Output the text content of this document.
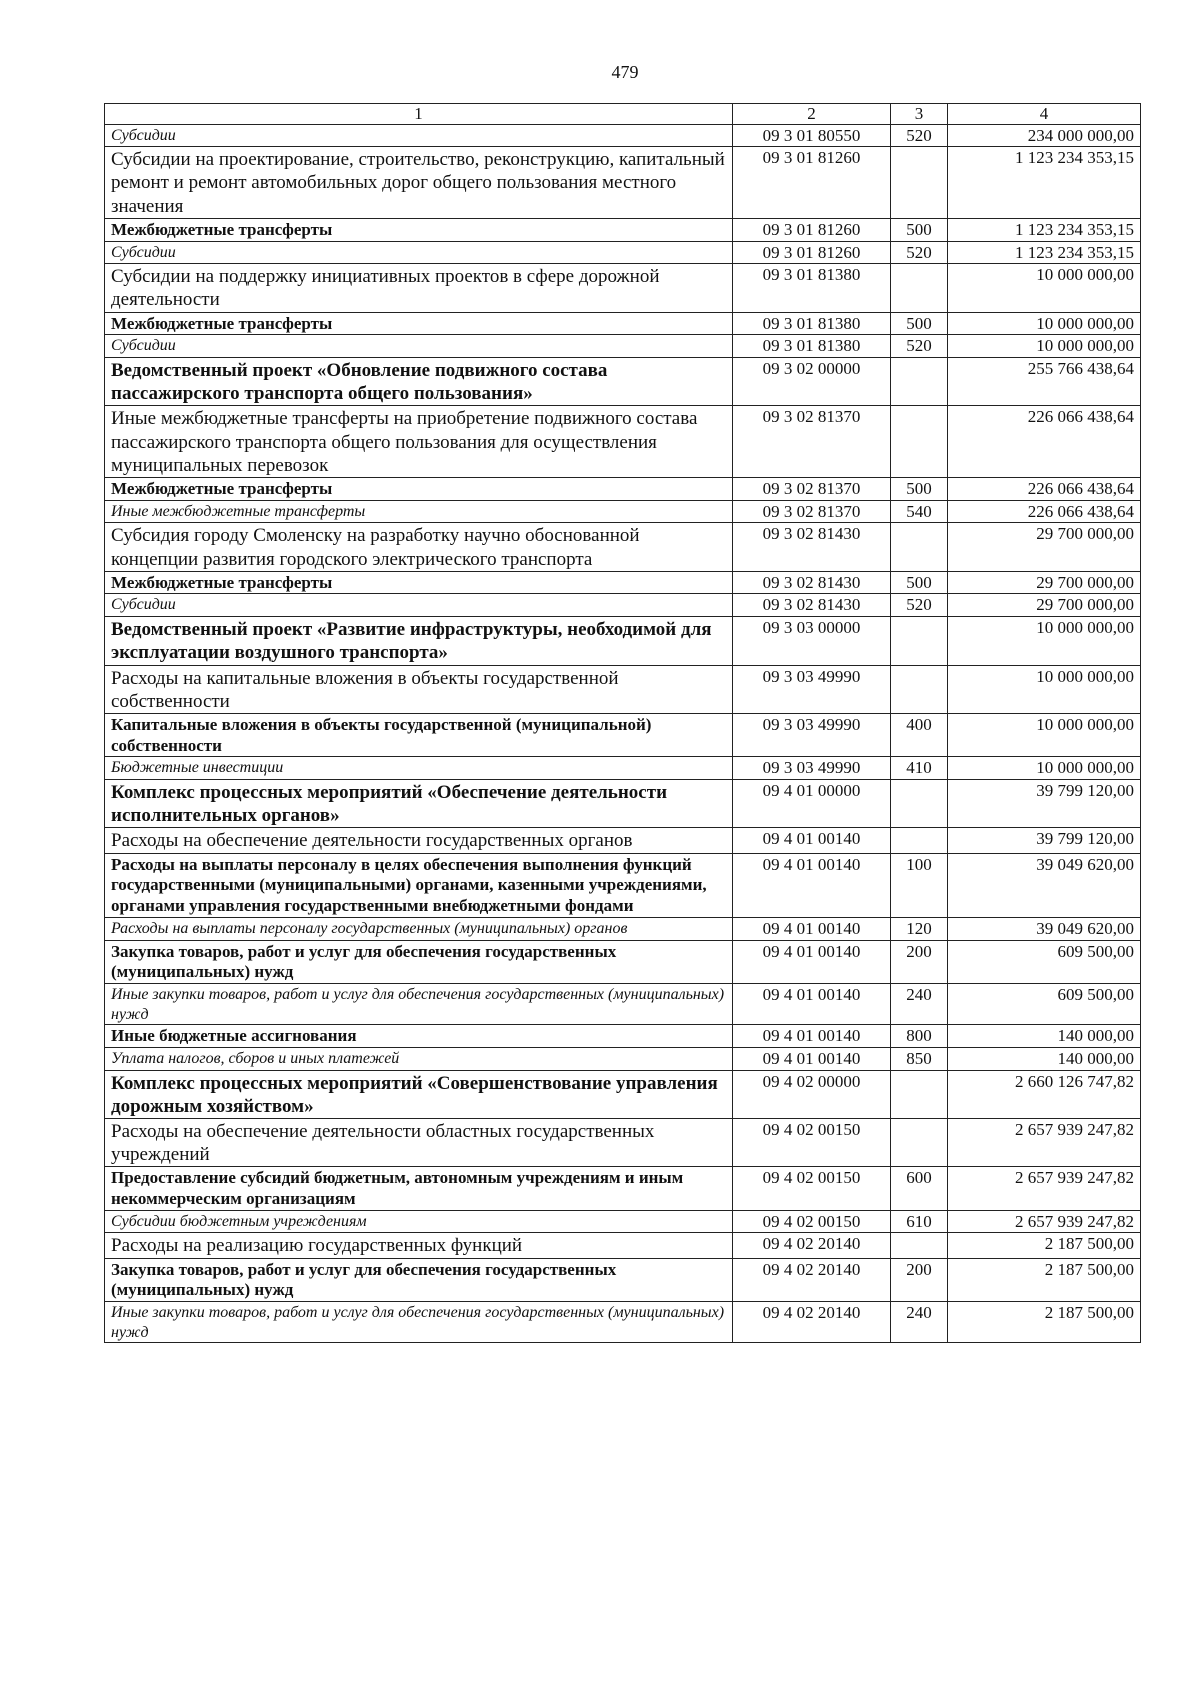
479
1	2	3	4
Субсидии	09 3 01 80550	520	234 000 000,00
Субсидии на проектирование, строительство, реконструкцию, капитальный ремонт и ремонт автомобильных дорог общего пользования местного значения	09 3 01 81260		1 123 234 353,15
Межбюджетные трансферты	09 3 01 81260	500	1 123 234 353,15
Субсидии	09 3 01 81260	520	1 123 234 353,15
Субсидии на поддержку инициативных проектов в сфере дорожной деятельности	09 3 01 81380		10 000 000,00
Межбюджетные трансферты	09 3 01 81380	500	10 000 000,00
Субсидии	09 3 01 81380	520	10 000 000,00
Ведомственный проект «Обновление подвижного состава пассажирского транспорта общего пользования»	09 3 02 00000		255 766 438,64
Иные межбюджетные трансферты на приобретение подвижного состава пассажирского транспорта общего пользования для осуществления муниципальных перевозок	09 3 02 81370		226 066 438,64
Межбюджетные трансферты	09 3 02 81370	500	226 066 438,64
Иные межбюджетные трансферты	09 3 02 81370	540	226 066 438,64
Субсидия городу Смоленску на разработку научно обоснованной концепции развития городского электрического транспорта	09 3 02 81430		29 700 000,00
Межбюджетные трансферты	09 3 02 81430	500	29 700 000,00
Субсидии	09 3 02 81430	520	29 700 000,00
Ведомственный проект «Развитие инфраструктуры, необходимой для эксплуатации воздушного транспорта»	09 3 03 00000		10 000 000,00
Расходы на капитальные вложения в объекты государственной собственности	09 3 03 49990		10 000 000,00
Капитальные вложения в объекты государственной (муниципальной) собственности	09 3 03 49990	400	10 000 000,00
Бюджетные инвестиции	09 3 03 49990	410	10 000 000,00
Комплекс процессных мероприятий «Обеспечение деятельности исполнительных органов»	09 4 01 00000		39 799 120,00
Расходы на обеспечение деятельности государственных органов	09 4 01 00140		39 799 120,00
Расходы на выплаты персоналу в целях обеспечения выполнения функций государственными (муниципальными) органами, казенными учреждениями, органами управления государственными внебюджетными фондами	09 4 01 00140	100	39 049 620,00
Расходы на выплаты персоналу государственных (муниципальных) органов	09 4 01 00140	120	39 049 620,00
Закупка товаров, работ и услуг для обеспечения государственных (муниципальных) нужд	09 4 01 00140	200	609 500,00
Иные закупки товаров, работ и услуг для обеспечения государственных (муниципальных) нужд	09 4 01 00140	240	609 500,00
Иные бюджетные ассигнования	09 4 01 00140	800	140 000,00
Уплата налогов, сборов и иных платежей	09 4 01 00140	850	140 000,00
Комплекс процессных мероприятий «Совершенствование управления дорожным хозяйством»	09 4 02 00000		2 660 126 747,82
Расходы на обеспечение деятельности областных государственных учреждений	09 4 02 00150		2 657 939 247,82
Предоставление субсидий бюджетным, автономным учреждениям и иным некоммерческим организациям	09 4 02 00150	600	2 657 939 247,82
Субсидии бюджетным учреждениям	09 4 02 00150	610	2 657 939 247,82
Расходы на реализацию государственных функций	09 4 02 20140		2 187 500,00
Закупка товаров, работ и услуг для обеспечения государственных (муниципальных) нужд	09 4 02 20140	200	2 187 500,00
Иные закупки товаров, работ и услуг для обеспечения государственных (муниципальных) нужд	09 4 02 20140	240	2 187 500,00
